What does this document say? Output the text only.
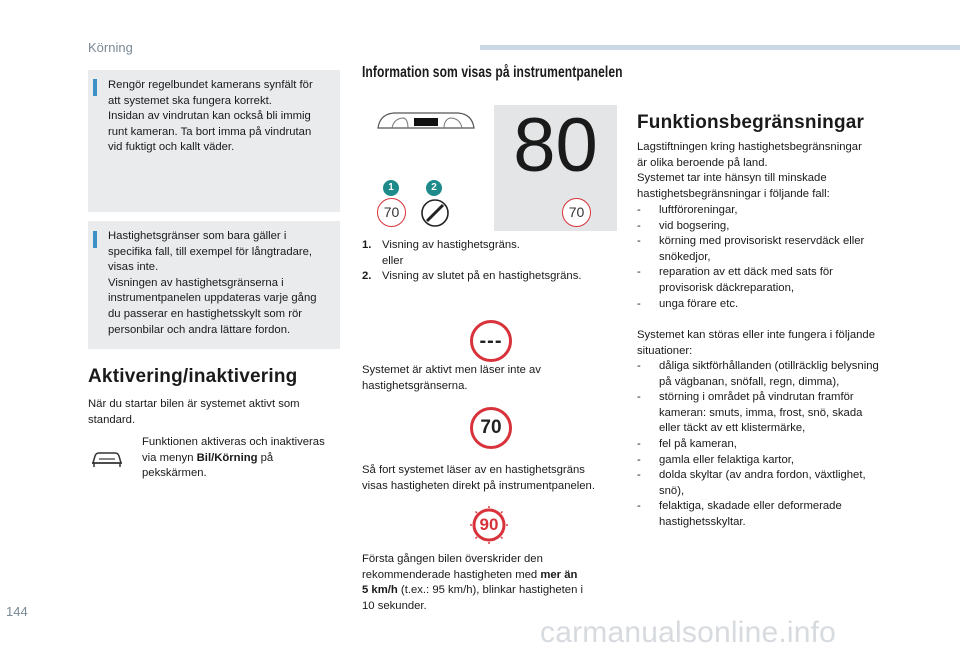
Körning
Rengör regelbundet kamerans synfält för
att systemet ska fungera korrekt.
Insidan av vindrutan kan också bli immig
runt kameran. Ta bort imma på vindrutan
vid fuktigt och kallt väder.
Hastighetsgränser som bara gäller i
specifika fall, till exempel för långtradare,
visas inte.
Visningen av hastighetsgränserna i
instrumentpanelen uppdateras varje gång
du passerar en hastighetsskylt som rör
personbilar och andra lättare fordon.
Aktivering/inaktivering
När du startar bilen är systemet aktivt som
standard.
Funktionen aktiveras och inaktiveras
via menyn Bil/Körning på
pekskärmen.
Information som visas på instrumentpanelen
80
1	2
70	70
1. Visning av hastighetsgräns.
eller
2. Visning av slutet på en hastighetsgräns.
---
Systemet är aktivt men läser inte av
hastighetsgränserna.
70
Så fort systemet läser av en hastighetsgräns
visas hastigheten direkt på instrumentpanelen.
90
Första gången bilen överskrider den
rekommenderade hastigheten med mer än
5 km/h (t.ex.: 95 km/h), blinkar hastigheten i
10 sekunder.
Funktionsbegränsningar
Lagstiftningen kring hastighetsbegränsningar
är olika beroende på land.
Systemet tar inte hänsyn till minskade
hastighetsbegränsningar i följande fall:
- luftföroreningar,
- vid bogsering,
- körning med provisoriskt reservdäck eller
snökedjor,
- reparation av ett däck med sats för
provisorisk däckreparation,
- unga förare etc.
Systemet kan störas eller inte fungera i följande
situationer:
- dåliga siktförhållanden (otillräcklig belysning
på vägbanan, snöfall, regn, dimma),
- störning i området på vindrutan framför
kameran: smuts, imma, frost, snö, skada
eller täckt av ett klistermärke,
- fel på kameran,
- gamla eller felaktiga kartor,
- dolda skyltar (av andra fordon, växtlighet,
snö),
- felaktiga, skadade eller deformerade
hastighetsskyltar.
144
carmanualsonline.info
